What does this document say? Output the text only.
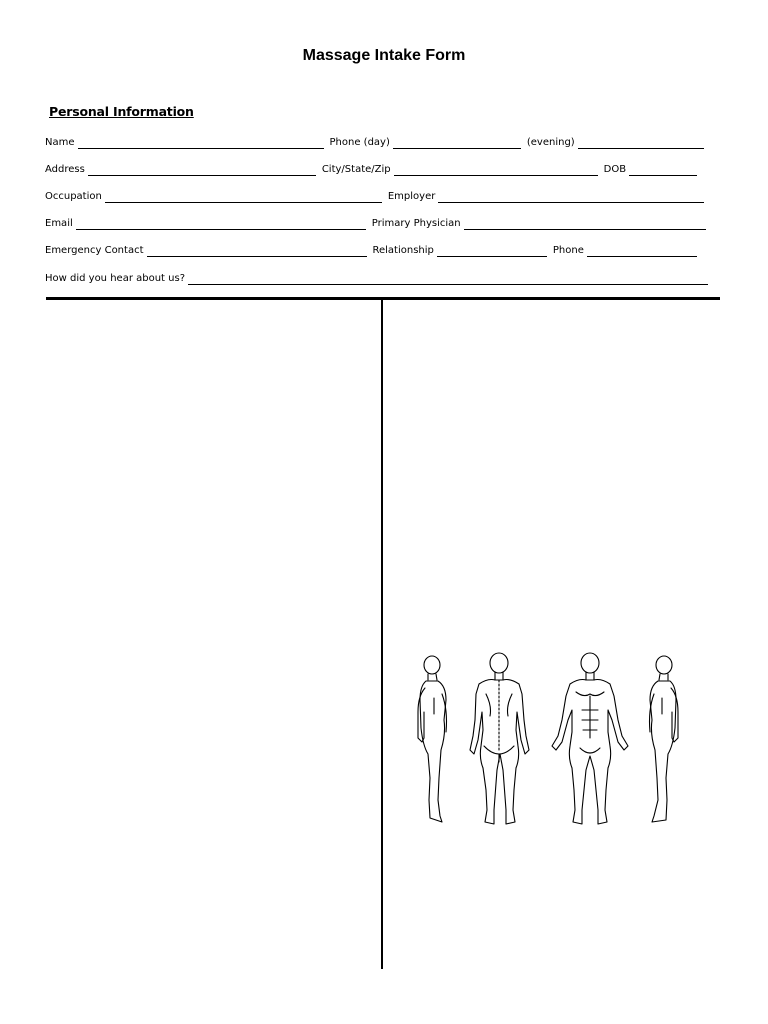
Massage Intake Form
Personal Information
Name	Phone (day)	(evening)
Address	City/State/Zip	DOB
Occupation	Employer
Email	Primary Physician
Emergency Contact	Relationship	Phone
How did you hear about us?
